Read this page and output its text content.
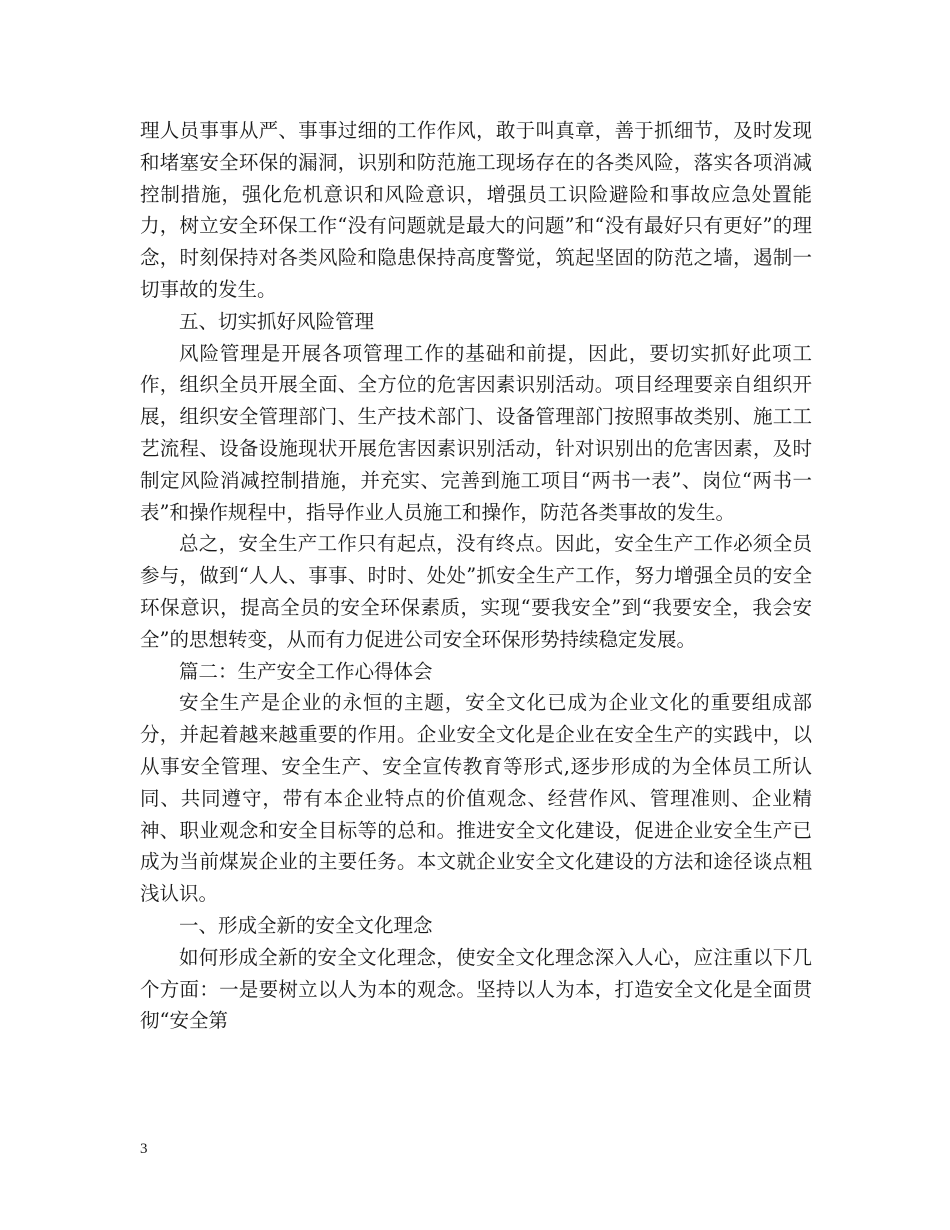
理人员事事从严、事事过细的工作作风，敢于叫真章，善于抓细节，及时发现和堵塞安全环保的漏洞，识别和防范施工现场存在的各类风险，落实各项消减控制措施，强化危机意识和风险意识，增强员工识险避险和事故应急处置能力，树立安全环保工作“没有问题就是最大的问题”和“没有最好只有更好”的理念，时刻保持对各类风险和隐患保持高度警觉，筑起坚固的防范之墙，遏制一切事故的发生。

五、切实抓好风险管理

风险管理是开展各项管理工作的基础和前提，因此，要切实抓好此项工作，组织全员开展全面、全方位的危害因素识别活动。项目经理要亲自组织开展，组织安全管理部门、生产技术部门、设备管理部门按照事故类别、施工工艺流程、设备设施现状开展危害因素识别活动，针对识别出的危害因素，及时制定风险消减控制措施，并充实、完善到施工项目“两书一表”、岗位“两书一表”和操作规程中，指导作业人员施工和操作，防范各类事故的发生。

总之，安全生产工作只有起点，没有终点。因此，安全生产工作必须全员参与，做到“人人、事事、时时、处处”抓安全生产工作，努力增强全员的安全环保意识，提高全员的安全环保素质，实现“要我安全”到“我要安全，我会安全”的思想转变，从而有力促进公司安全环保形势持续稳定发展。

篇二：生产安全工作心得体会

安全生产是企业的永恒的主题，安全文化已成为企业文化的重要组成部分，并起着越来越重要的作用。企业安全文化是企业在安全生产的实践中，以从事安全管理、安全生产、安全宣传教育等形式,逐步形成的为全体员工所认同、共同遵守，带有本企业特点的价值观念、经营作风、管理准则、企业精神、职业观念和安全目标等的总和。推进安全文化建设，促进企业安全生产已成为当前煤炭企业的主要任务。本文就企业安全文化建设的方法和途径谈点粗浅认识。

一、形成全新的安全文化理念

如何形成全新的安全文化理念，使安全文化理念深入人心，应注重以下几个方面：一是要树立以人为本的观念。坚持以人为本，打造安全文化是全面贯彻“安全第

3
